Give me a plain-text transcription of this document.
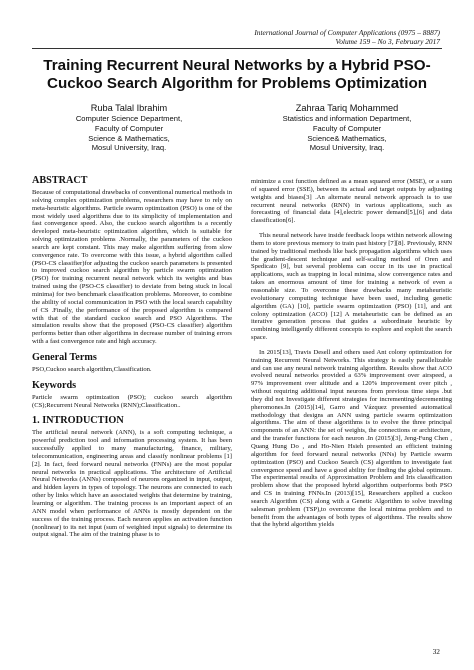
International Journal of Computer Applications (0975 – 8887)
Volume 159 – No 3, February 2017
Training Recurrent Neural Networks by a Hybrid PSO-Cuckoo Search Algorithm for Problems Optimization
Ruba Talal Ibrahim
Computer Science Department,
Faculty of Computer
Science & Mathematics,
Mosul University, Iraq.
Zahraa Tariq Mohammed
Statistics and information Department,
Faculty of Computer
Science& Mathematics,
Mosul University, Iraq.
ABSTRACT

Because of computational drawbacks of conventional numerical methods in solving complex optimization problems, researchers may have to rely on meta-heuristic algorithms. Particle swarm optimization (PSO) is one of the most widely used algorithms due to its simplicity of implementation and fast convergence speed. Also, the cuckoo search algorithm is a recently developed meta-heuristic optimization algorithm, which is suitable for solving optimization problems .Normally, the parameters of the cuckoo search are kept constant. This may make algorithm suffering from slow convergence rate. To overcome with this issue, a hybrid algorithm called (PSO-CS classifier)for adjusting the cuckoo search parameters is presented to improved cuckoo search algorithm by particle swarm optimization (PSO) for training recurrent neural network which its weights and bias trained using the (PSO-CS classifier) to deviate from being stuck in local minima) for two benchmark classification problems. Moreover, to combine the ability of social communication in PSO with the local search capability of CS .Finally, the performance of the proposed algorithm is compared with that of the standard cuckoo search and PSO Algorithms. The simulation results show that the proposed (PSO-CS classifier) algorithm performs better than other algorithms in decrease number of training errors with a fast convergence rate and high accuracy.

General Terms

PSO,Cuckoo search algorithm,Classification.

Keywords

Particle swarm optimization (PSO); cuckoo search algorithm (CS);Recurrent Neural Networks (RNN);Classification..

1. INTRODUCTION

The artificial neural network (ANN), is a soft computing technique, a powerful prediction tool and information processing system. It has been successfully applied to many manufacturing, finance, military, telecommunication, engineering areas and classify nonlinear problems [1][2]. In fact, feed forward neural networks (FNNs) are the most popular neural networks in practical applications. The architecture of Artificial Neural Networks (ANNs) composed of neurons organized in input, output, and hidden layers in types of topology. The neurons are connected to each other by links which have an associated weights that determine by training, learning or algorithm. The training process is an important aspect of an ANN model when performance of ANNs is mostly dependent on the success of the training process. Each neuron applies an activation function (nonlinear) to its net input (sum of weighted input signals) to determine its output signal. The aim of the training phase is to

minimize a cost function defined as a mean squared error (MSE), or a sum of squared error (SSE), between its actual and target outputs by adjusting weights and biases[3] .An alternate neural network approach is to use recurrent neural networks (RNN) in various applications, such as forecasting of financial data [4],electric power demand[5],[6] and data classification[6].

This neural network have inside feedback loops within network allowing them to store previous memory to train past history [7][8]. Previously, RNN trained by traditional methods like back propagation algorithms which uses the gradient-descent technique and self-scaling method of Oren and Spedicato [9], but several problems can occur in its use in practical applications, such as trapping in local minima, slow convergence rates and takes an enormous amount of time for training a network of even a reasonable size. To overcome these drawbacks many metaheuristic evolutionary computing technique have been used, including genetic algorithm (GA) [10], particle swarm optimization (PSO) [11], and ant colony optimization (ACO) [12] A metaheuristic can be defined as an iterative generation process that guides a subordinate heuristic by combining intelligently different concepts to explore and exploit the search space.

In 2015[13], Travis Desell and others used Ant colony optimization for training Recurrent Neural Networks. This strategy is easily parallelizable and can use any neural network training algorithm. Results show that ACO evolved neural networks provided a 63% improvement over airspeed, a 97% improvement over altitude and a 120% improvement over pitch , without requiring additional input neurons from previous time steps .but they did not Investigate different strategies for incrementing/decrementing pheromones.In (2015)[14], Garro and Vázquez presented automatical methodology that designs an ANN using particle swarm optimization algorithms. The aim of these algorithms is to evolve the three principal components of an ANN: the set of weights, the connections or architecture, and the transfer functions for each neuron .In (2015)[3], Jeng-Fung Chen , Quang Hung Do , and Ho-Nien Hsieh presented an efficient training algorithm for feed forward neural networks (NNs) by Particle swarm optimization (PSO) and Cuckoo Search (CS) algorithm to investigate fast convergence speed and have a good ability for finding the global optimum. The experimental results of Approximation Problem and Iris classification problem show that the proposed hybrid algorithm outperforms both PSO and CS in training FNNs.In (2013)[15], Researchers applied a cuckoo search Algorithm (CS) along with a Genetic Algorithm to solve traveling salesman problem (TSP),to overcome the local minima problem and to benefit from the advantages of both types of algorithms. The results show that the hybrid algorithm yields

32
